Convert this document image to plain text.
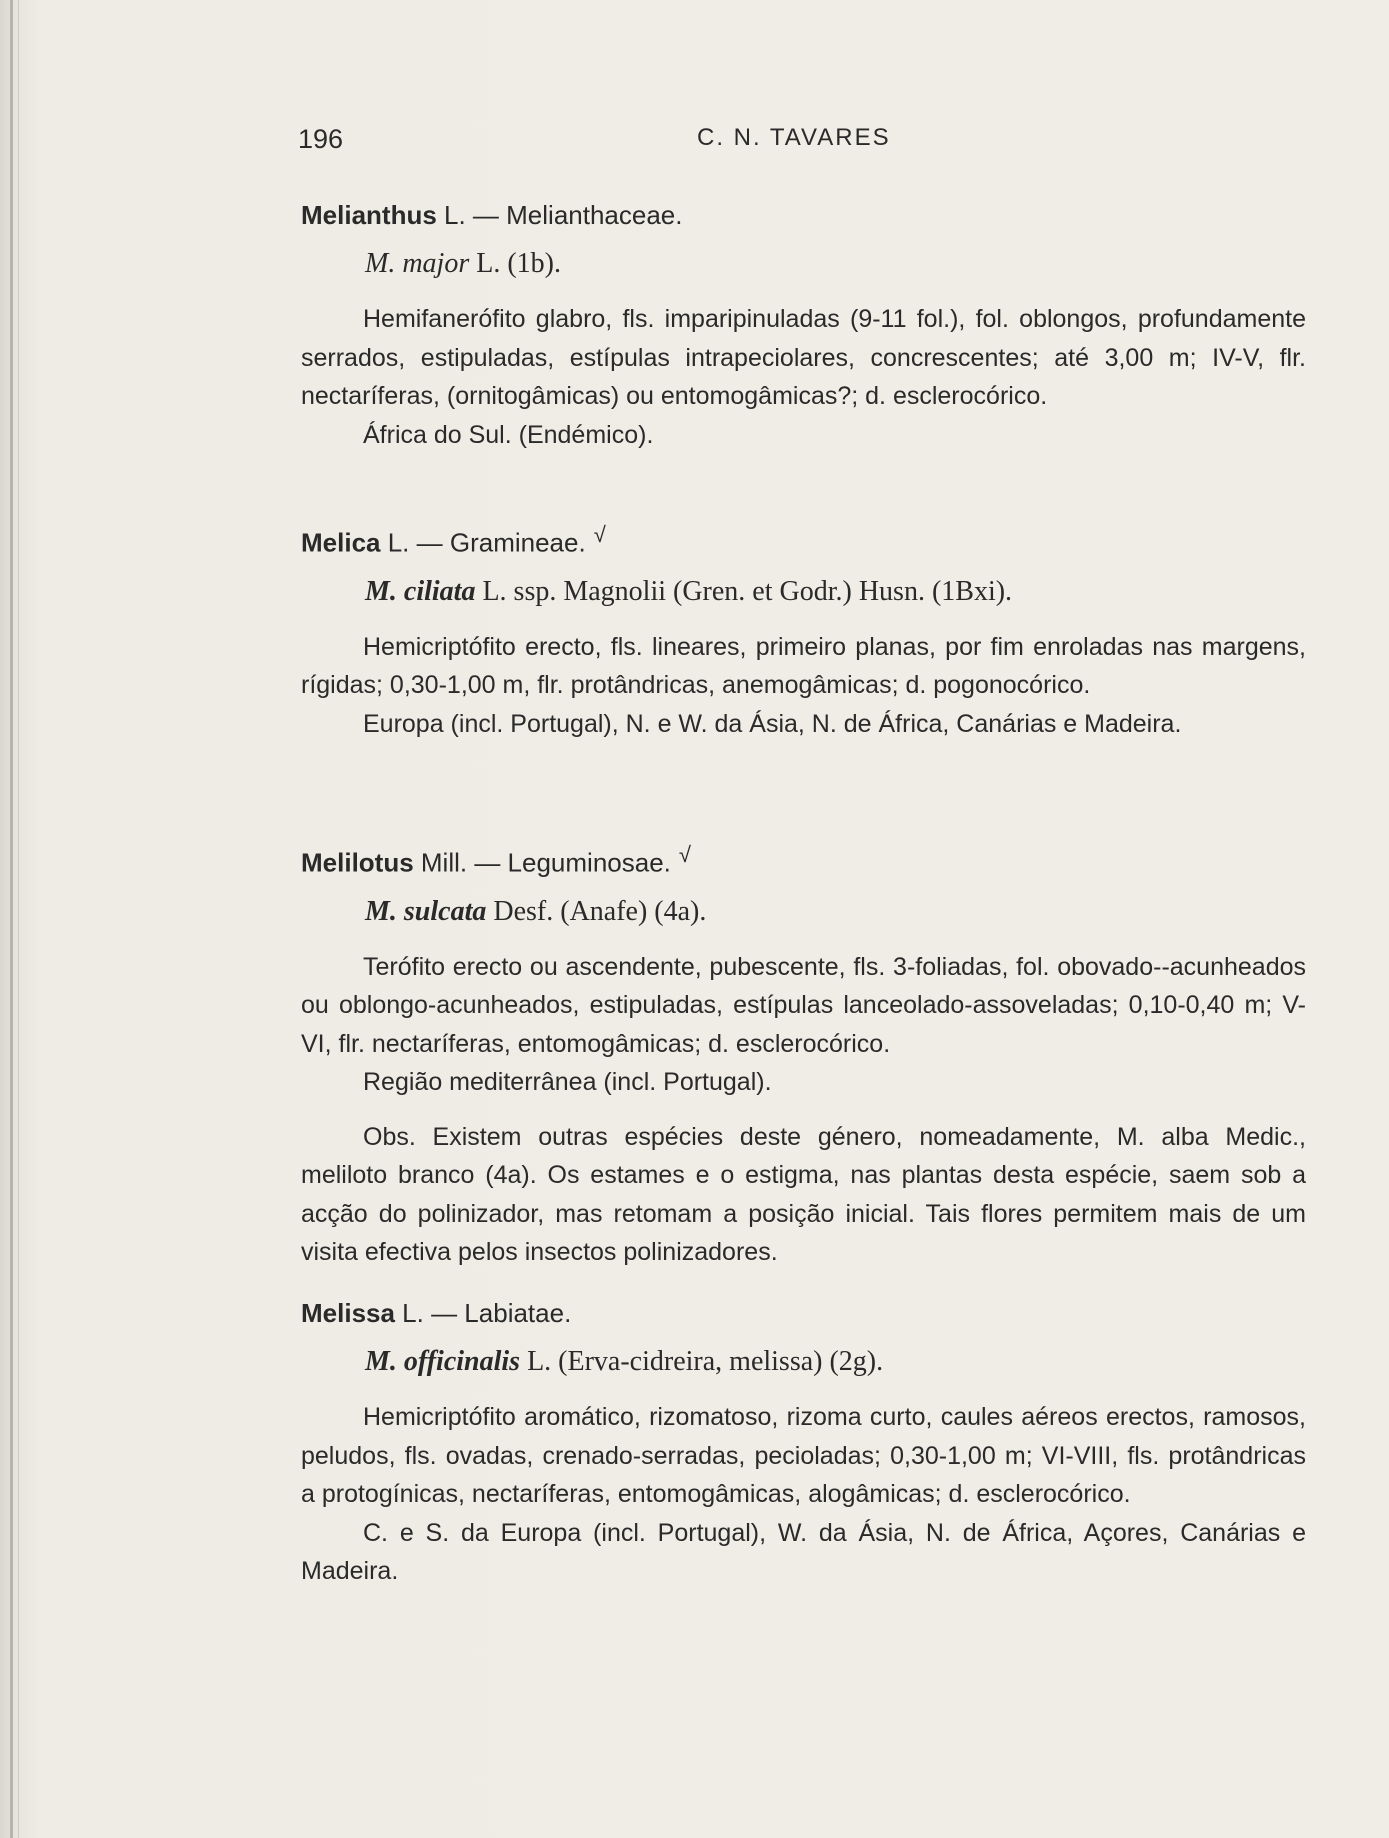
196	C. N. TAVARES
Melianthus L. — Melianthaceae.
M. major L. (1b).

Hemifanerófito glabro, fls. imparipinuladas (9-11 fol.), fol. oblongos, profundamente serrados, estipuladas, estípulas intrapeciolares, concrescentes; até 3,00 m; IV-V, flr. nectaríferas, (ornitogâmicas) ou entomogâmicas?; d. esclerocórico.

África do Sul. (Endémico).

Melica L. — Gramineae. √
M. ciliata L. ssp. Magnolii (Gren. et Godr.) Husn. (1Bxi).

Hemicriptófito erecto, fls. lineares, primeiro planas, por fim enroladas nas margens, rígidas; 0,30-1,00 m, flr. protândricas, anemogâmicas; d. pogonocórico.

Europa (incl. Portugal), N. e W. da Ásia, N. de África, Canárias e Madeira.

Melilotus Mill. — Leguminosae. √
M. sulcata Desf. (Anafe) (4a).

Terófito erecto ou ascendente, pubescente, fls. 3-foliadas, fol. obovado--acunheados ou oblongo-acunheados, estipuladas, estípulas lanceolado-assoveladas; 0,10-0,40 m; V-VI, flr. nectaríferas, entomogâmicas; d. esclerocórico.

Região mediterrânea (incl. Portugal).

Obs. Existem outras espécies deste género, nomeadamente, M. alba Medic., meliloto branco (4a). Os estames e o estigma, nas plantas desta espécie, saem sob a acção do polinizador, mas retomam a posição inicial. Tais flores permitem mais de um visita efectiva pelos insectos polinizadores.

Melissa L. — Labiatae.
M. officinalis L. (Erva-cidreira, melissa) (2g).

Hemicriptófito aromático, rizomatoso, rizoma curto, caules aéreos erectos, ramosos, peludos, fls. ovadas, crenado-serradas, pecioladas; 0,30-1,00 m; VI-VIII, fls. protândricas a protogínicas, nectaríferas, entomogâmicas, alogâmicas; d. esclerocórico.

C. e S. da Europa (incl. Portugal), W. da Ásia, N. de África, Açores, Canárias e Madeira.
